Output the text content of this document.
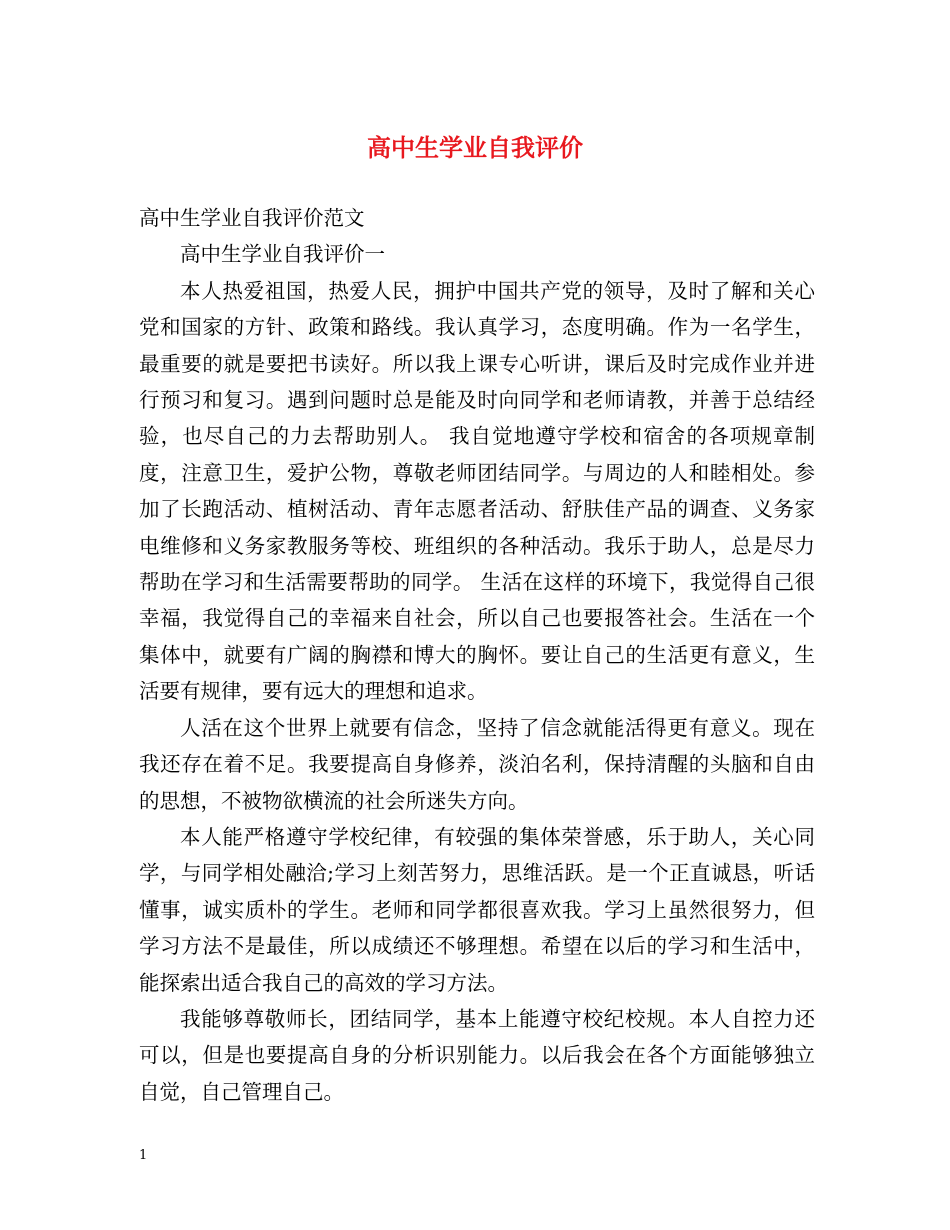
高中生学业自我评价

高中生学业自我评价范文

高中生学业自我评价一

本人热爱祖国，热爱人民，拥护中国共产党的领导，及时了解和关心党和国家的方针、政策和路线。我认真学习，态度明确。作为一名学生，最重要的就是要把书读好。所以我上课专心听讲，课后及时完成作业并进行预习和复习。遇到问题时总是能及时向同学和老师请教，并善于总结经验，也尽自己的力去帮助别人。 我自觉地遵守学校和宿舍的各项规章制度，注意卫生，爱护公物，尊敬老师团结同学。与周边的人和睦相处。参加了长跑活动、植树活动、青年志愿者活动、舒肤佳产品的调查、义务家电维修和义务家教服务等校、班组织的各种活动。我乐于助人，总是尽力帮助在学习和生活需要帮助的同学。 生活在这样的环境下，我觉得自己很幸福，我觉得自己的幸福来自社会，所以自己也要报答社会。生活在一个集体中，就要有广阔的胸襟和博大的胸怀。要让自己的生活更有意义，生活要有规律，要有远大的理想和追求。

人活在这个世界上就要有信念，坚持了信念就能活得更有意义。现在我还存在着不足。我要提高自身修养，淡泊名利，保持清醒的头脑和自由的思想，不被物欲横流的社会所迷失方向。

本人能严格遵守学校纪律，有较强的集体荣誉感，乐于助人，关心同学，与同学相处融洽;学习上刻苦努力，思维活跃。是一个正直诚恳，听话懂事，诚实质朴的学生。老师和同学都很喜欢我。学习上虽然很努力，但学习方法不是最佳，所以成绩还不够理想。希望在以后的学习和生活中，能探索出适合我自己的高效的学习方法。

我能够尊敬师长，团结同学，基本上能遵守校纪校规。本人自控力还可以，但是也要提高自身的分析识别能力。以后我会在各个方面能够独立自觉，自己管理自己。

1
